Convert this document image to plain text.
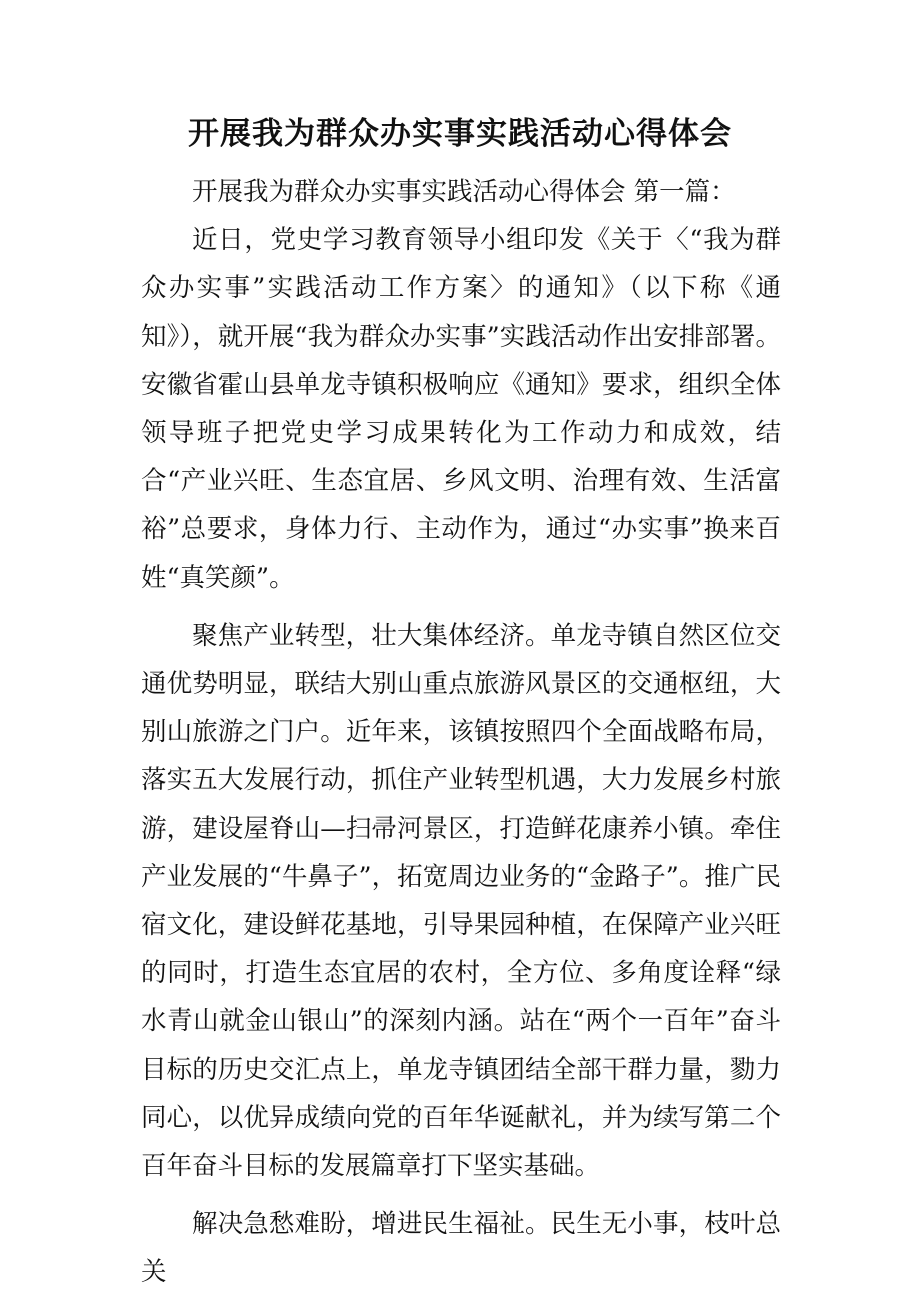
开展我为群众办实事实践活动心得体会

开展我为群众办实事实践活动心得体会 第一篇：

近日，党史学习教育领导小组印发《关于〈“我为群众办实事”实践活动工作方案〉的通知》（以下称《通知》），就开展“我为群众办实事”实践活动作出安排部署。安徽省霍山县单龙寺镇积极响应《通知》要求，组织全体领导班子把党史学习成果转化为工作动力和成效，结合“产业兴旺、生态宜居、乡风文明、治理有效、生活富裕”总要求，身体力行、主动作为，通过“办实事”换来百姓“真笑颜”。

聚焦产业转型，壮大集体经济。单龙寺镇自然区位交通优势明显，联结大别山重点旅游风景区的交通枢纽，大别山旅游之门户。近年来，该镇按照四个全面战略布局，落实五大发展行动，抓住产业转型机遇，大力发展乡村旅游，建设屋脊山—扫帚河景区，打造鲜花康养小镇。牵住产业发展的“牛鼻子”，拓宽周边业务的“金路子”。推广民宿文化，建设鲜花基地，引导果园种植，在保障产业兴旺的同时，打造生态宜居的农村，全方位、多角度诠释“绿水青山就金山银山”的深刻内涵。站在“两个一百年”奋斗目标的历史交汇点上，单龙寺镇团结全部干群力量，勠力同心，以优异成绩向党的百年华诞献礼，并为续写第二个百年奋斗目标的发展篇章打下坚实基础。

解决急愁难盼，增进民生福祉。民生无小事，枝叶总关
